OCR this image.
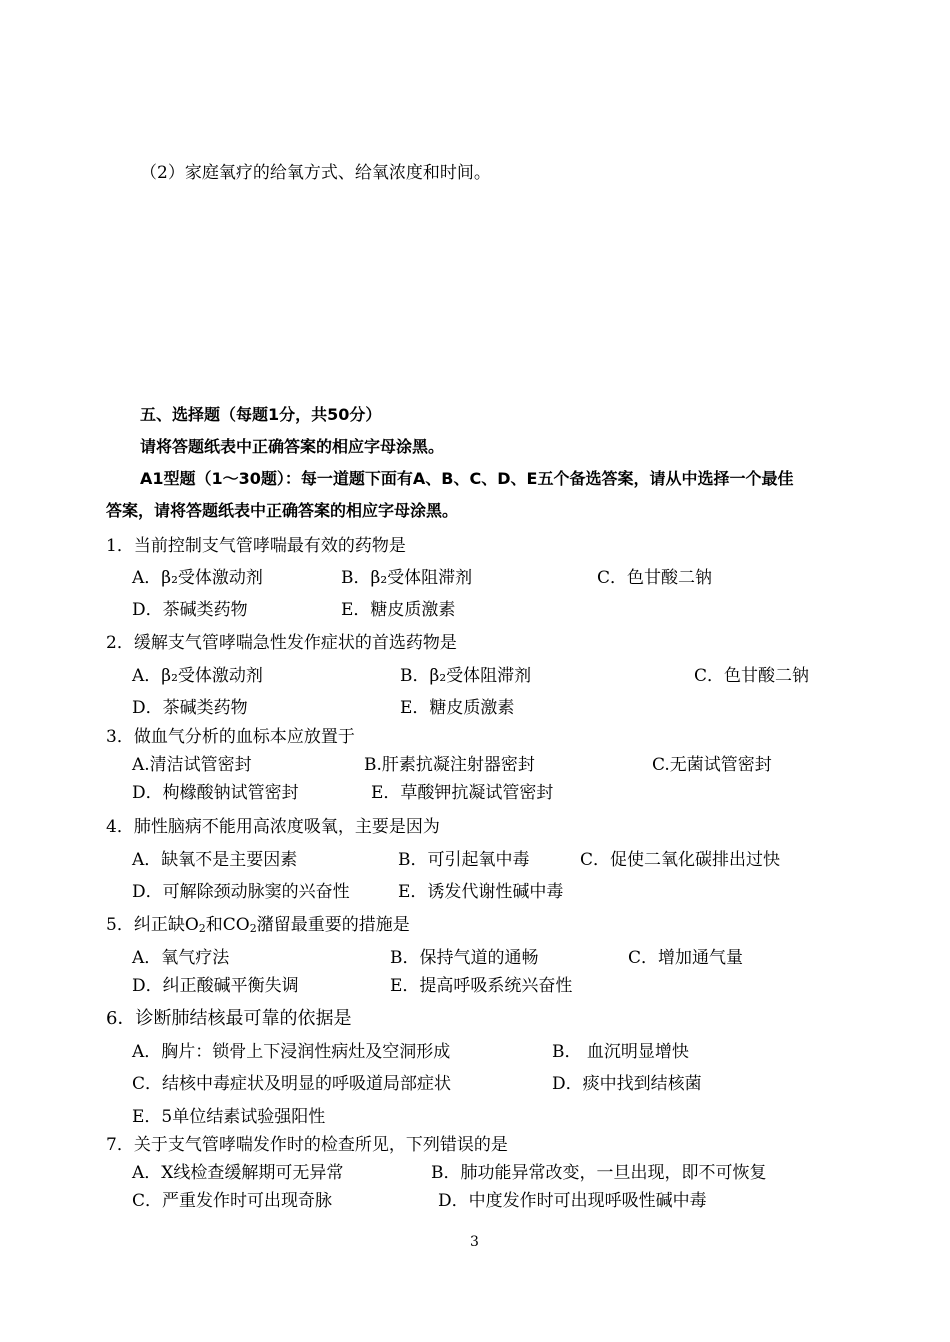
（2）家庭氧疗的给氧方式、给氧浓度和时间。
五、选择题（每题1分，共50分）
请将答题纸表中正确答案的相应字母涂黑。
A1型题（1～30题）：每一道题下面有A、B、C、D、E五个备选答案，请从中选择一个最佳
答案，请将答题纸表中正确答案的相应字母涂黑。
1．当前控制支气管哮喘最有效的药物是
A．β₂受体激动剂	B．β₂受体阻滞剂	C．色甘酸二钠
D．茶碱类药物	E．糖皮质激素
2．缓解支气管哮喘急性发作症状的首选药物是
A．β₂受体激动剂	B．β₂受体阻滞剂	C．色甘酸二钠
D．茶碱类药物	E．糖皮质激素
3．做血气分析的血标本应放置于
A.清洁试管密封	B.肝素抗凝注射器密封	C.无菌试管密封
D．枸橼酸钠试管密封	E．草酸钾抗凝试管密封
4．肺性脑病不能用高浓度吸氧，主要是因为
A．缺氧不是主要因素	B．可引起氧中毒	C．促使二氧化碳排出过快
D．可解除颈动脉窦的兴奋性	E．诱发代谢性碱中毒
5．纠正缺$O_2$和$CO_2$潴留最重要的措施是
A．氧气疗法	B．保持气道的通畅	C．增加通气量
D．纠正酸碱平衡失调	E．提高呼吸系统兴奋性
6．诊断肺结核最可靠的依据是
A．胸片：锁骨上下浸润性病灶及空洞形成	B． 血沉明显增快
C．结核中毒症状及明显的呼吸道局部症状	D．痰中找到结核菌
E．5单位结素试验强阳性
7．关于支气管哮喘发作时的检查所见，下列错误的是
A．X线检查缓解期可无异常	B．肺功能异常改变，一旦出现，即不可恢复
C．严重发作时可出现奇脉	D．中度发作时可出现呼吸性碱中毒
3
